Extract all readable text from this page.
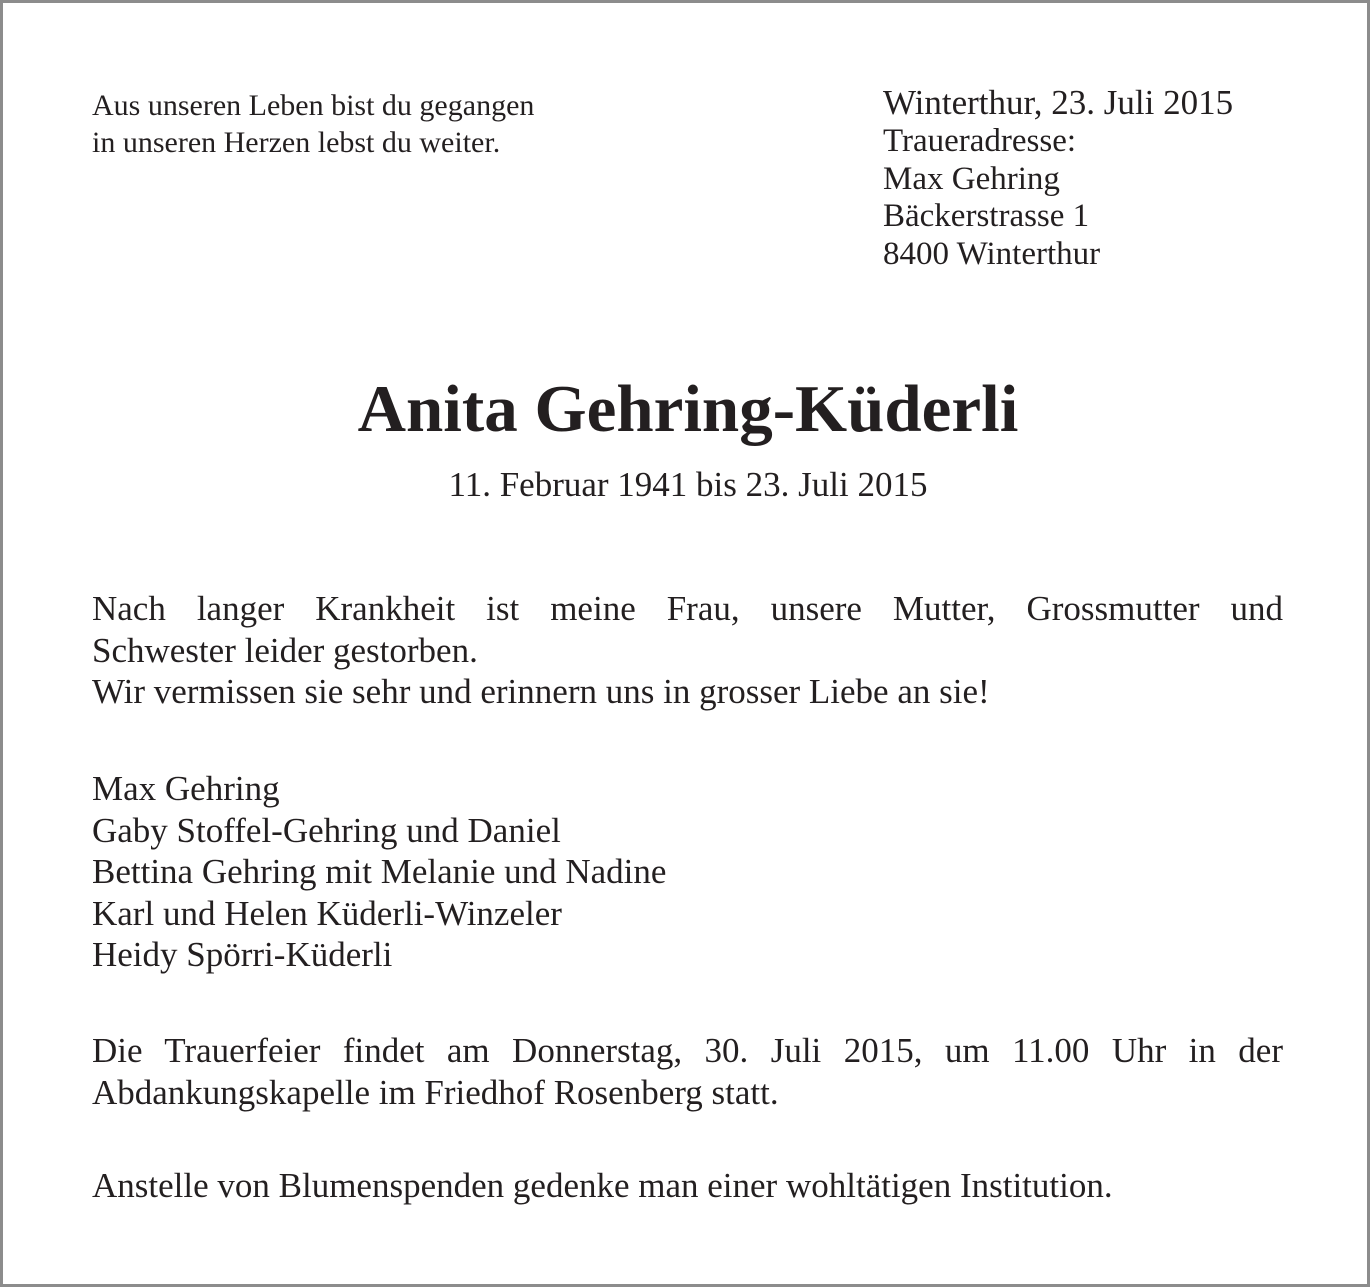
Aus unseren Leben bist du gegangen
in unseren Herzen lebst du weiter.
Winterthur, 23. Juli 2015
Traueradresse:
Max Gehring
Bäckerstrasse 1
8400 Winterthur
Anita Gehring-Küderli
11. Februar 1941 bis 23. Juli 2015
Nach langer Krankheit ist meine Frau, unsere Mutter, Grossmutter und
Schwester leider gestorben.
Wir vermissen sie sehr und erinnern uns in grosser Liebe an sie!
Max Gehring
Gaby Stoffel-Gehring und Daniel
Bettina Gehring mit Melanie und Nadine
Karl und Helen Küderli-Winzeler
Heidy Spörri-Küderli
Die Trauerfeier findet am Donnerstag, 30. Juli 2015, um 11.00 Uhr in der
Abdankungskapelle im Friedhof Rosenberg statt.
Anstelle von Blumenspenden gedenke man einer wohltätigen Institution.
